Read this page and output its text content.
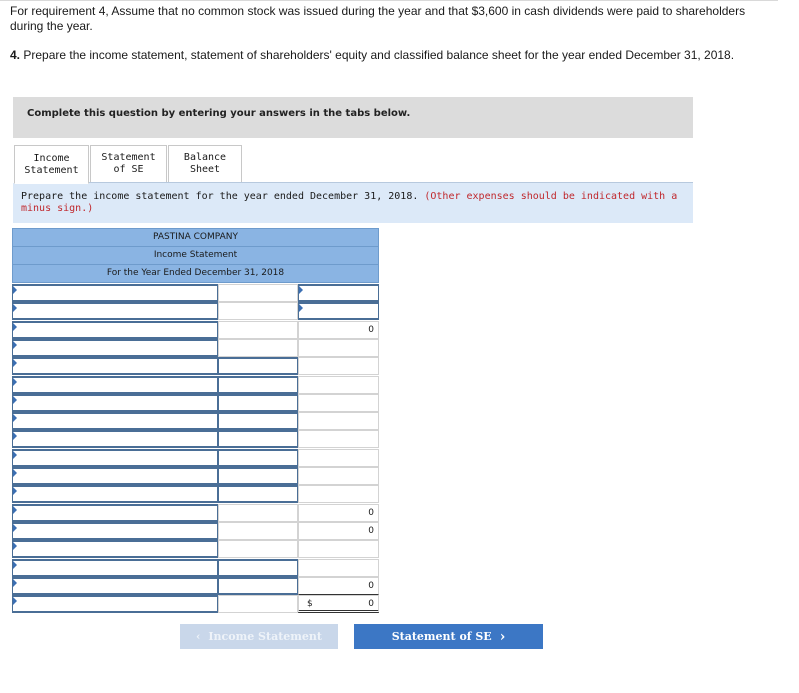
For requirement 4, Assume that no common stock was issued during the year and that $3,600 in cash dividends were paid to shareholders during the year.
4. Prepare the income statement, statement of shareholders' equity and classified balance sheet for the year ended December 31, 2018.
Complete this question by entering your answers in the tabs below.
Income
Statement
Statement
of SE
Balance
Sheet
Prepare the income statement for the year ended December 31, 2018. (Other expenses should be indicated with a minus sign.)
PASTINA COMPANY
Income Statement
For the Year Ended December 31, 2018
0
0
0
0
0
$
‹ Income Statement	Statement of SE ›
